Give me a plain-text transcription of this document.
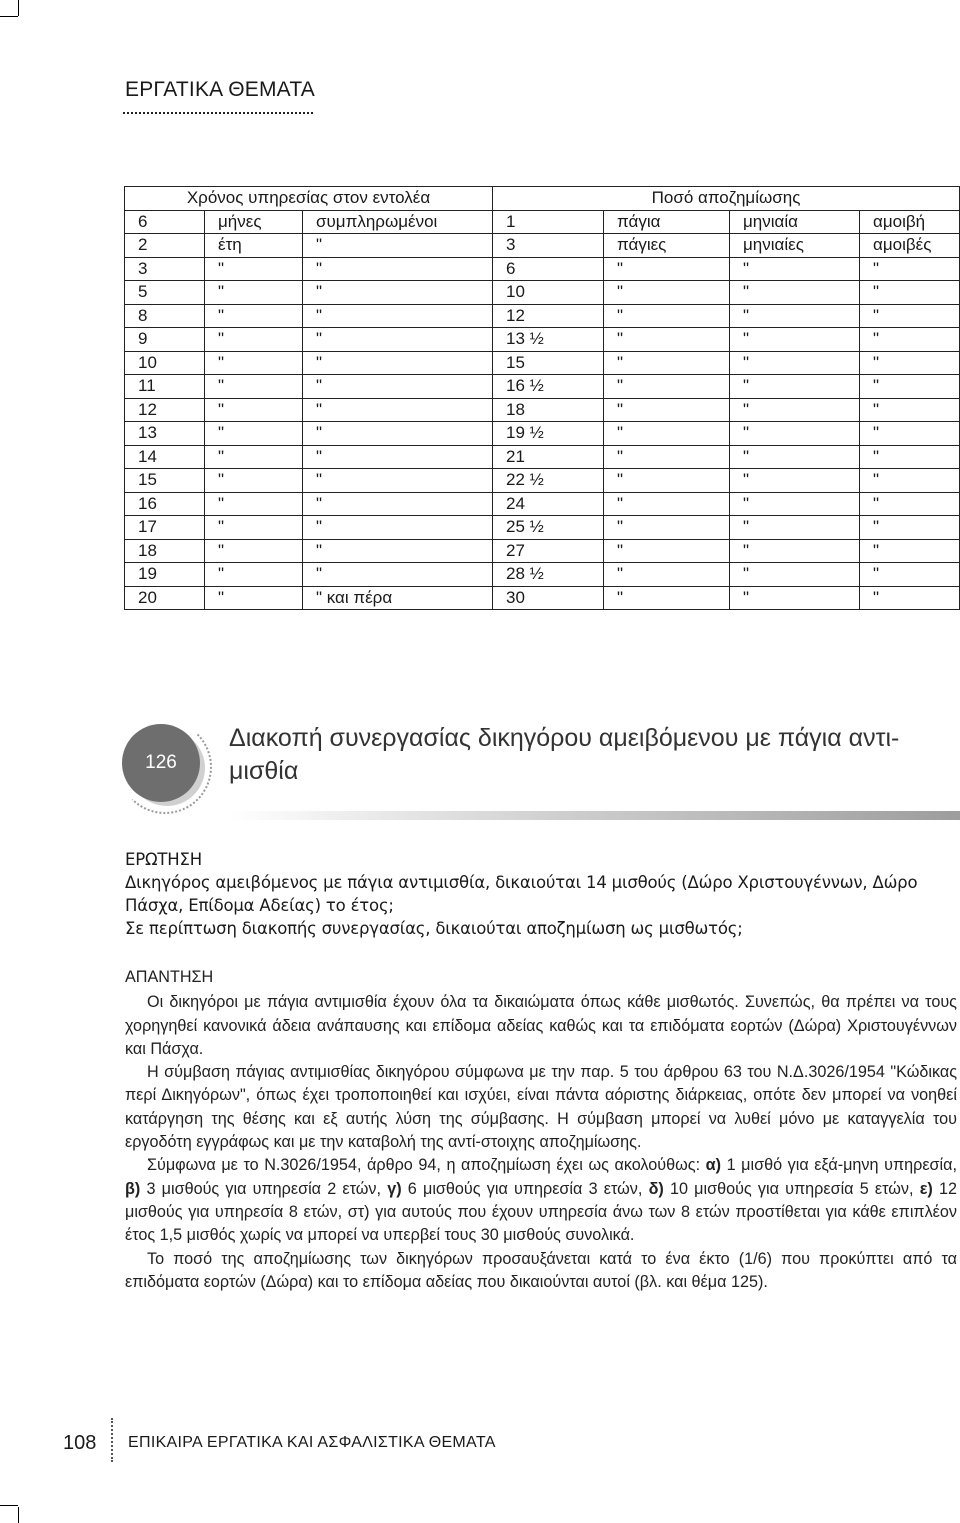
ΕΡΓΑΤΙΚΑ ΘΕΜΑΤΑ
Χρόνος υπηρεσίας στον εντολέα			Ποσό αποζημίωσης			
6	μήνες	συμπληρωμένοι	1	πάγια	μηνιαία	αμοιβή
2	έτη	"	3	πάγιες	μηνιαίες	αμοιβές
3	"	"	6	"	"	"
5	"	"	10	"	"	"
8	"	"	12	"	"	"
9	"	"	13 ½	"	"	"
10	"	"	15	"	"	"
11	"	"	16 ½	"	"	"
12	"	"	18	"	"	"
13	"	"	19 ½	"	"	"
14	"	"	21	"	"	"
15	"	"	22 ½	"	"	"
16	"	"	24	"	"	"
17	"	"	25 ½	"	"	"
18	"	"	27	"	"	"
19	"	"	28 ½	"	"	"
20	"	" και πέρα	30	"	"	"
126
Διακοπή συνεργασίας δικηγόρου αμειβόμενου με πάγια αντι-μισθία

ΕΡΩΤΗΣΗ

Δικηγόρος αμειβόμενος με πάγια αντιμισθία, δικαιούται 14 μισθούς (Δώρο Χριστουγέννων, Δώρο Πάσχα, Επίδομα Αδείας) το έτος;

Σε περίπτωση διακοπής συνεργασίας, δικαιούται αποζημίωση ως μισθωτός;

ΑΠΑΝΤΗΣΗ

Οι δικηγόροι με πάγια αντιμισθία έχουν όλα τα δικαιώματα όπως κάθε μισθωτός. Συνεπώς, θα πρέπει να τους χορηγηθεί κανονικά άδεια ανάπαυσης και επίδομα αδείας καθώς και τα επιδόματα εορτών (Δώρα) Χριστουγέννων και Πάσχα.

Η σύμβαση πάγιας αντιμισθίας δικηγόρου σύμφωνα με την παρ. 5 του άρθρου 63 του Ν.Δ.3026/1954 "Κώδικας περί Δικηγόρων", όπως έχει τροποποιηθεί και ισχύει, είναι πάντα αόριστης διάρκειας, οπότε δεν μπορεί να νοηθεί κατάργηση της θέσης και εξ αυτής λύση της σύμβασης. Η σύμβαση μπορεί να λυθεί μόνο με καταγγελία του εργοδότη εγγράφως και με την καταβολή της αντί-στοιχης αποζημίωσης.

Σύμφωνα με το Ν.3026/1954, άρθρο 94, η αποζημίωση έχει ως ακολούθως: α) 1 μισθό για εξά-μηνη υπηρεσία, β) 3 μισθούς για υπηρεσία 2 ετών, γ) 6 μισθούς για υπηρεσία 3 ετών, δ) 10 μισθούς για υπηρεσία 5 ετών, ε) 12 μισθούς για υπηρεσία 8 ετών, στ) για αυτούς που έχουν υπηρεσία άνω των 8 ετών προστίθεται για κάθε επιπλέον έτος 1,5 μισθός χωρίς να μπορεί να υπερβεί τους 30 μισθούς συνολικά.

Το ποσό της αποζημίωσης των δικηγόρων προσαυξάνεται κατά το ένα έκτο (1/6) που προκύπτει από τα επιδόματα εορτών (Δώρα) και το επίδομα αδείας που δικαιούνται αυτοί (βλ. και θέμα 125).

108 ΕΠΙΚΑΙΡΑ ΕΡΓΑΤΙΚΑ ΚΑΙ ΑΣΦΑΛΙΣΤΙΚΑ ΘΕΜΑΤΑ
